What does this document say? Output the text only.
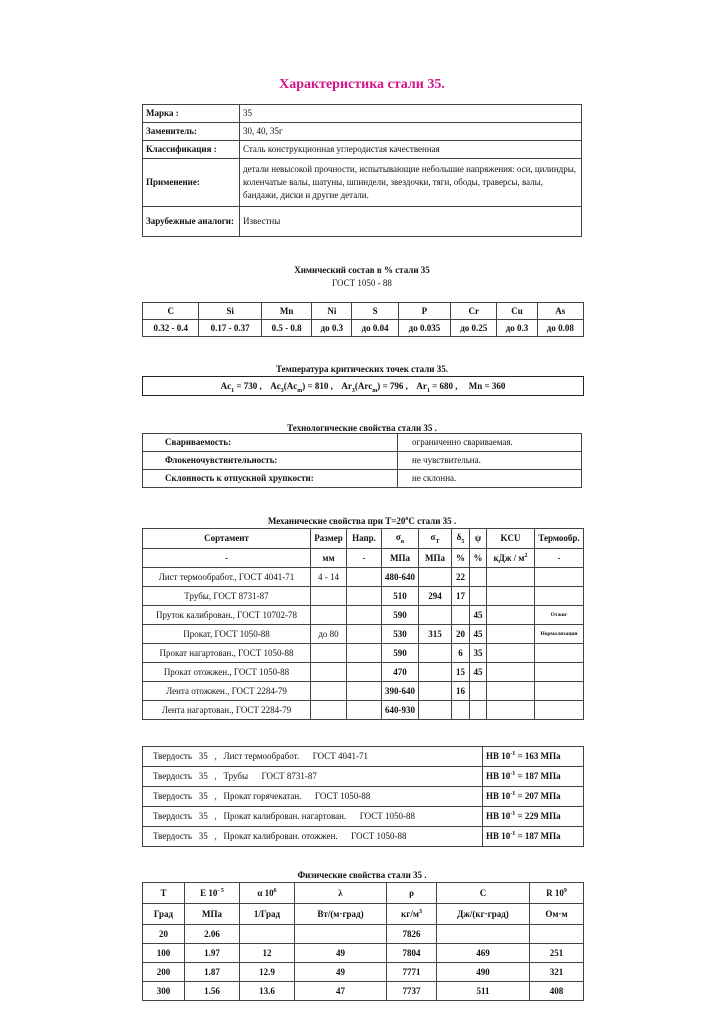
Характеристика стали 35.
Марка :	35
Заменитель:	30, 40, 35г
Классификация :	Сталь конструкционная углеродистая качественная
Применение:	детали невысокой прочности, испытывающие небольшие напряжения: оси, цилиндры, коленчатые валы, шатуны, шпиндели, звездочки, тяги, ободы, траверсы, валы, бандажи, диски и другие детали.
Зарубежные аналоги:	Известны
Химический состав в % стали 35
ГОСТ 1050 - 88
C	Si	Mn	Ni	S	P	Cr	Cu	As
0.32 - 0.4	0.17 - 0.37	0.5 - 0.8	до 0.3	до 0.04	до 0.035	до 0.25	до 0.3	до 0.08
Температура критических точек стали 35.
$Ac_1 = 730$ , $Ac_3(Ac_m) = 810$ , $Ar_3(Arc_m) = 796$ , $Ar_1 = 680$ , Mn = 360
Технологические свойства стали 35 .
Свариваемость:	ограниченно свариваемая.
Флокеночувствительность:	не чувствительна.
Склонность к отпускной хрупкости:	не склонна.
Механические свойства при $Т=20^oС$ стали 35 .
Сортамент	Размер	Напр.	$\sigma_в$	$\sigma_T$	$\delta_5$	ψ	KCU	Термообр.
-	мм	-	МПа	МПа	%	%	кДж / $м^2$	-
Лист термообработ., ГОСТ 4041-71	4 - 14		480-640		22			
Трубы, ГОСТ 8731-87			510	294	17			
Пруток калиброван., ГОСТ 10702-78			590			45		Отжиг
Прокат, ГОСТ 1050-88	до 80		530	315	20	45		Нормализация
Прокат нагартован., ГОСТ 1050-88			590		6	35		
Прокат отожжен., ГОСТ 1050-88			470		15	45		
Лента отожжен., ГОСТ 2284-79			390-640		16			
Лента нагартован., ГОСТ 2284-79			640-930					
Твердость 35 , Лист термообработ. ГОСТ 4041-71	HB $10^{-1} = 163$ МПа
Твердость 35 , Трубы ГОСТ 8731-87	HB $10^{-1} = 187$ МПа
Твердость 35 , Прокат горячекатан. ГОСТ 1050-88	HB $10^{-1} = 207$ МПа
Твердость 35 , Прокат калиброван. нагартован. ГОСТ 1050-88	HB $10^{-1} = 229$ МПа
Твердость 35 , Прокат калиброван. отожжен. ГОСТ 1050-88	HB $10^{-1} = 187$ МПа
Физические свойства стали 35 .
T	E $10^{- 5}$	α $10^6$	λ	ρ	C	R $10^9$
Град	МПа	1/Град	Вт/(м·град)	$кг/м^3$	Дж/(кг·град)	Ом·м
20	2.06			7826		
100	1.97	12	49	7804	469	251
200	1.87	12.9	49	7771	490	321
300	1.56	13.6	47	7737	511	408
